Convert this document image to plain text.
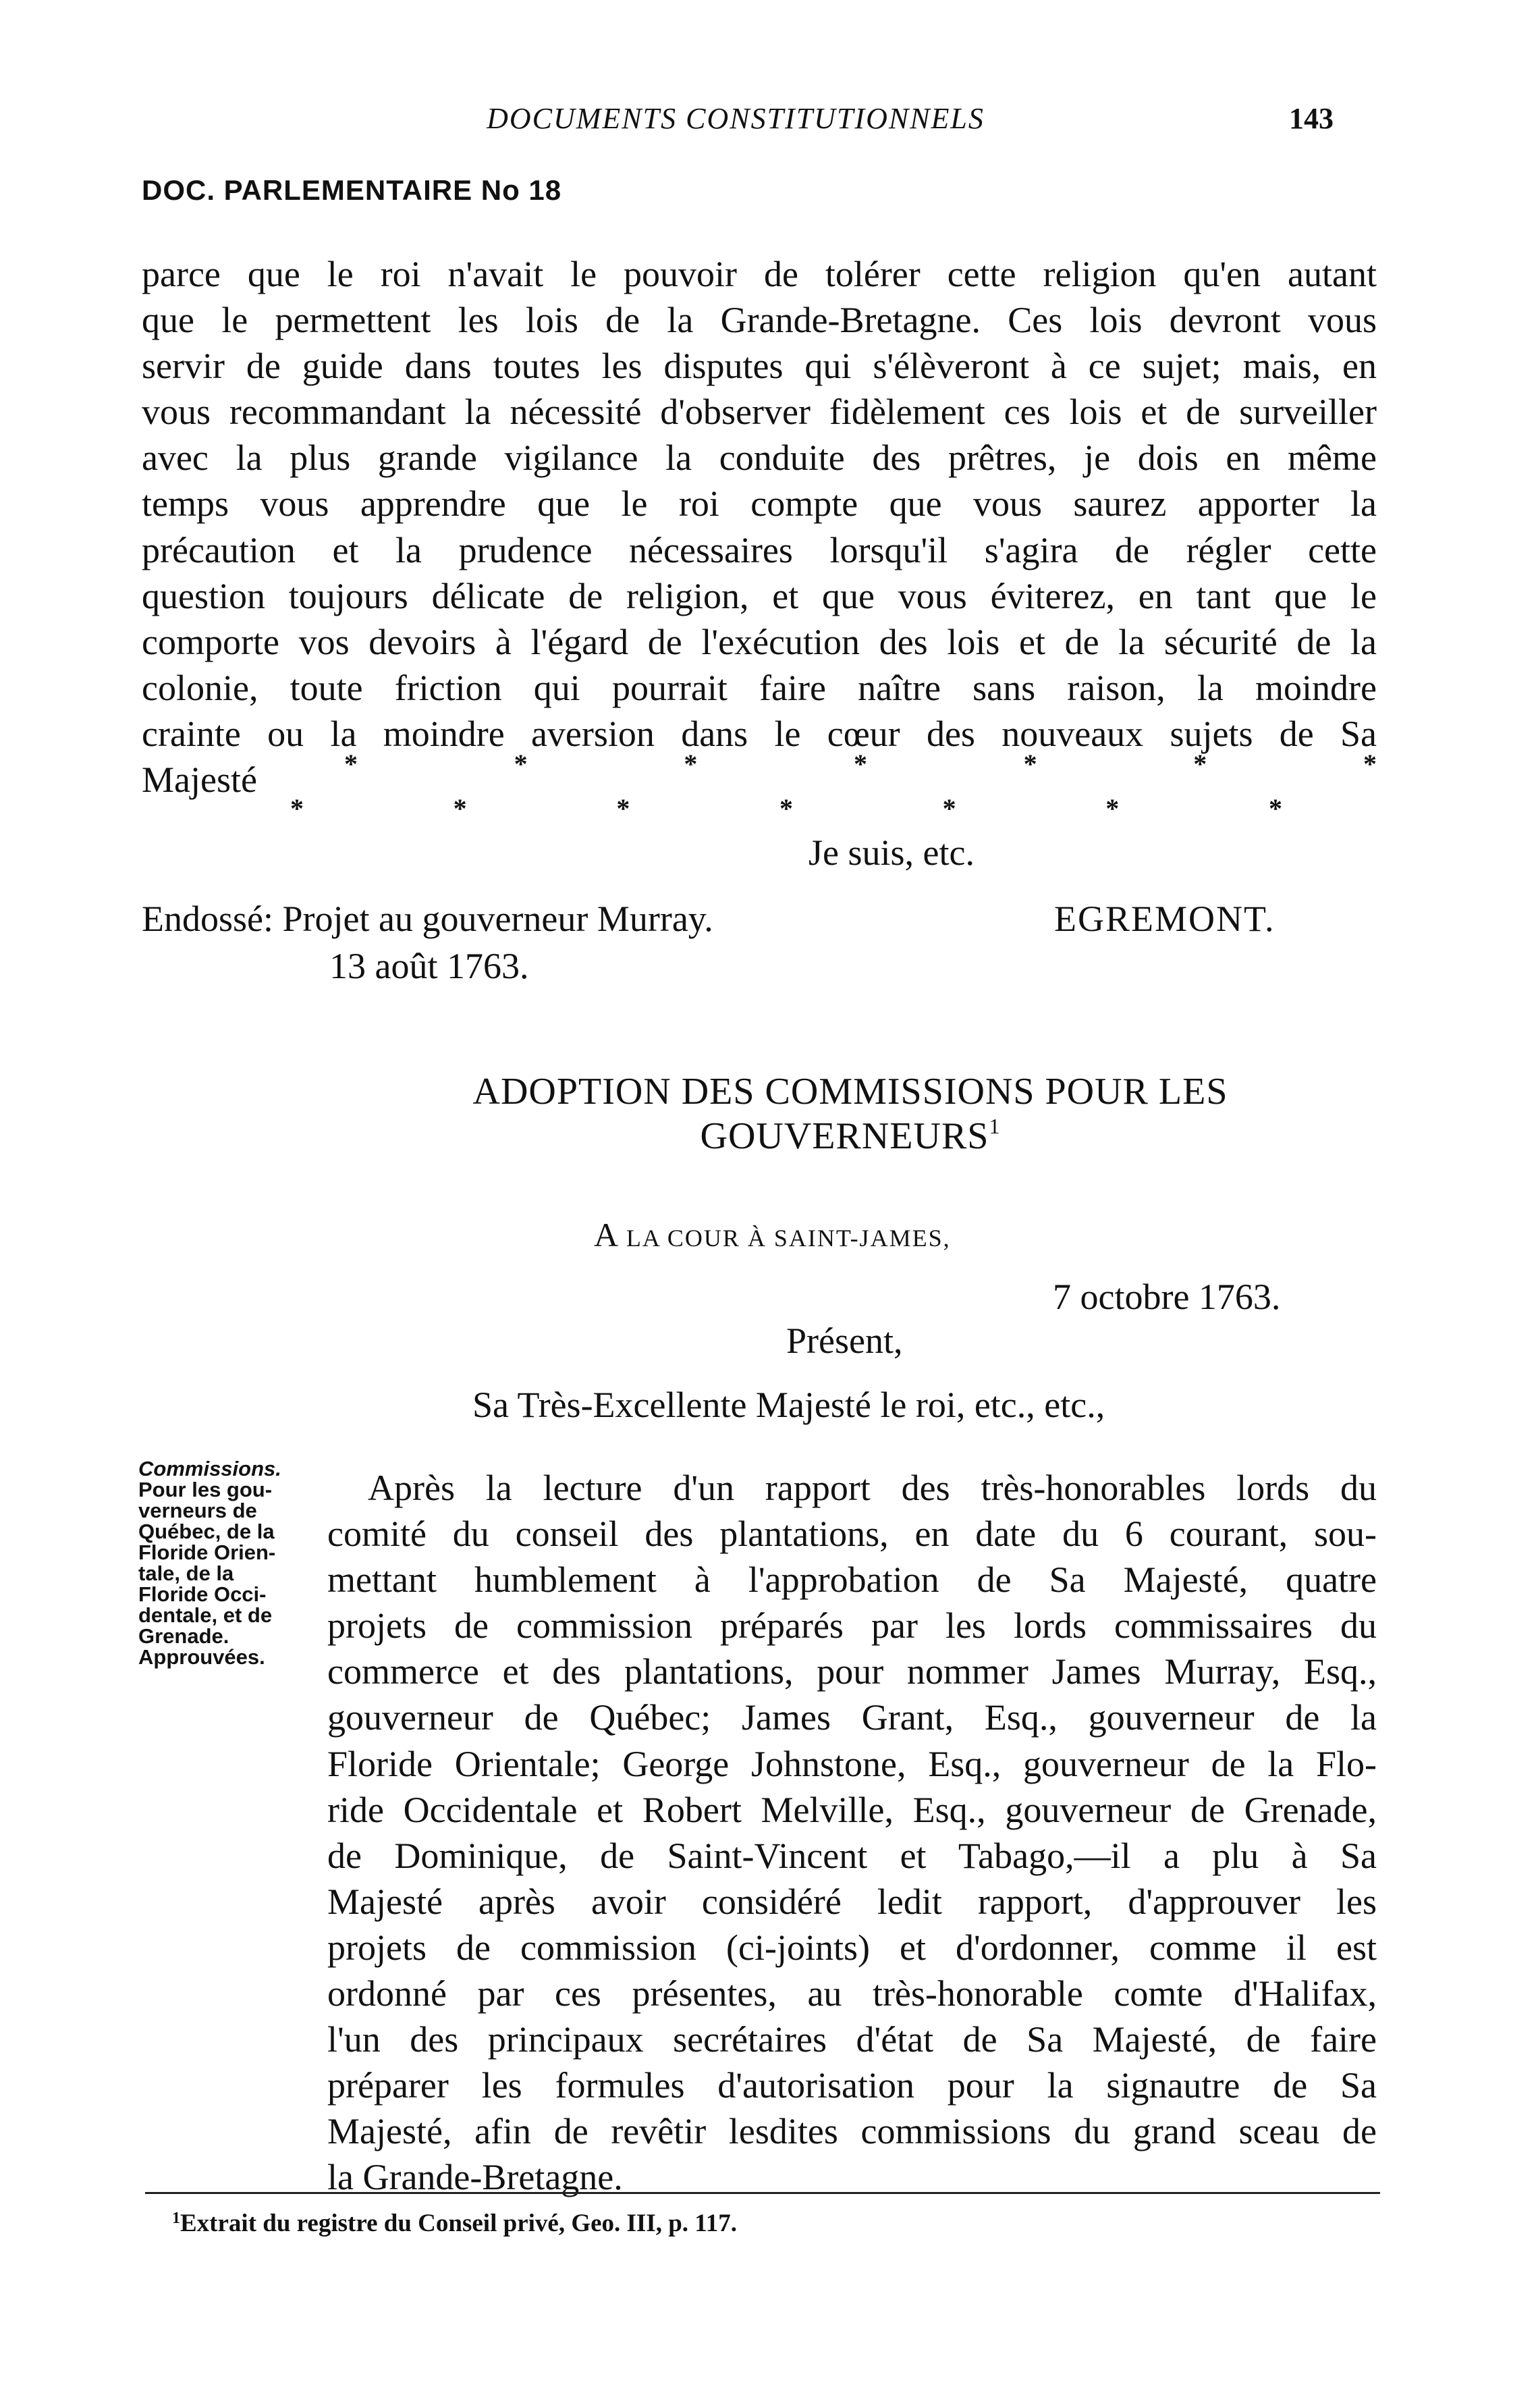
DOCUMENTS CONSTITUTIONNELS	143
DOC. PARLEMENTAIRE No 18
parce que le roi n'avait le pouvoir de tolérer cette religion qu'en autant
que le permettent les lois de la Grande-Bretagne. Ces lois devront vous
servir de guide dans toutes les disputes qui s'élèveront à ce sujet; mais, en
vous recommandant la nécessité d'observer fidèlement ces lois et de surveiller
avec la plus grande vigilance la conduite des prêtres, je dois en même
temps vous apprendre que le roi compte que vous saurez apporter la
précaution et la prudence nécessaires lorsqu'il s'agira de régler cette
question toujours délicate de religion, et que vous éviterez, en tant que le
comporte vos devoirs à l'égard de l'exécution des lois et de la sécurité de la
colonie, toute friction qui pourrait faire naître sans raison, la moindre
crainte ou la moindre aversion dans le cœur des nouveaux sujets de Sa
Majesté	*	*	*	*	*	*	*
*	*	*	*	*	*	*
Je suis, etc.
Endossé: Projet au gouverneur Murray.
13 août 1763.
EGREMONT.
ADOPTION DES COMMISSIONS POUR LES
GOUVERNEURS$^1$
A LA COUR À SAINT-JAMES,
7 octobre 1763.
Présent,
Sa Très-Excellente Majesté le roi, etc., etc.,
Commissions.
Pour les gou-
verneurs de
Québec, de la
Floride Orien-
tale, de la
Floride Occi-
dentale, et de
Grenade.
Approuvées.
Après la lecture d'un rapport des très-honorables lords du
comité du conseil des plantations, en date du 6 courant, sou-
mettant humblement à l'approbation de Sa Majesté, quatre
projets de commission préparés par les lords commissaires du
commerce et des plantations, pour nommer James Murray, Esq.,
gouverneur de Québec; James Grant, Esq., gouverneur de la
Floride Orientale; George Johnstone, Esq., gouverneur de la Flo-
ride Occidentale et Robert Melville, Esq., gouverneur de Grenade,
de Dominique, de Saint-Vincent et Tabago,—il a plu à Sa
Majesté après avoir considéré ledit rapport, d'approuver les
projets de commission (ci-joints) et d'ordonner, comme il est
ordonné par ces présentes, au très-honorable comte d'Halifax,
l'un des principaux secrétaires d'état de Sa Majesté, de faire
préparer les formules d'autorisation pour la signautre de Sa
Majesté, afin de revêtir lesdites commissions du grand sceau de
la Grande-Bretagne.
$^1$Extrait du registre du Conseil privé, Geo. III, p. 117.
